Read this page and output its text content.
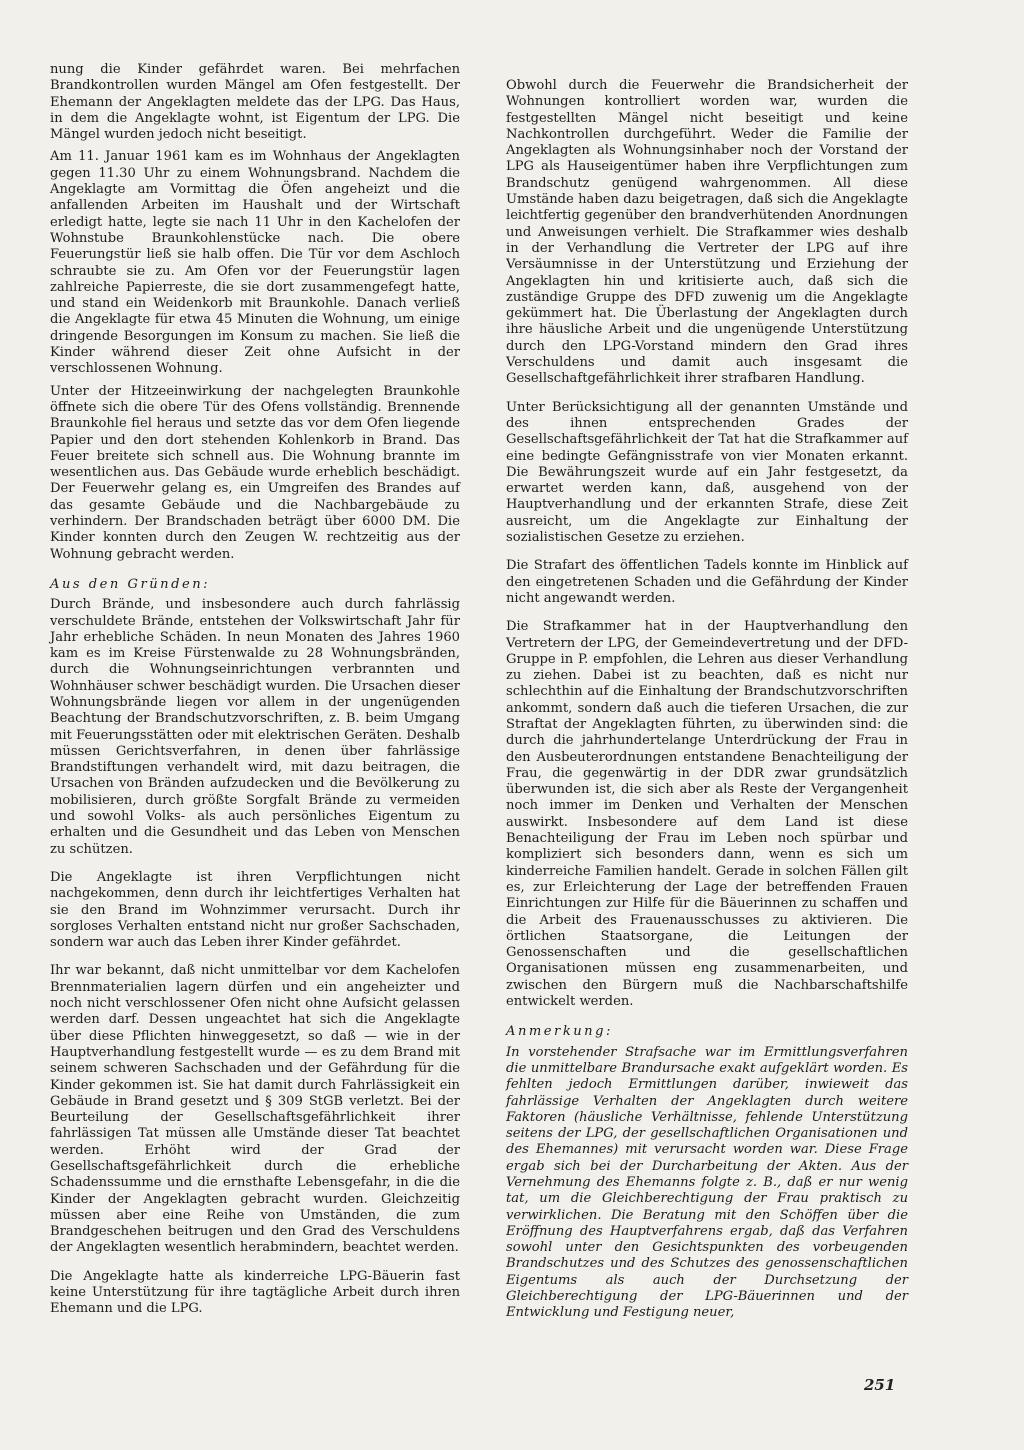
nung die Kinder gefährdet waren. Bei mehrfachen Brandkontrollen wurden Mängel am Ofen festgestellt. Der Ehemann der Angeklagten meldete das der LPG. Das Haus, in dem die Angeklagte wohnt, ist Eigentum der LPG. Die Mängel wurden jedoch nicht beseitigt.

Am 11. Januar 1961 kam es im Wohnhaus der Angeklagten gegen 11.30 Uhr zu einem Wohnungsbrand. Nachdem die Angeklagte am Vormittag die Öfen angeheizt und die anfallenden Arbeiten im Haushalt und der Wirtschaft erledigt hatte, legte sie nach 11 Uhr in den Kachelofen der Wohnstube Braunkohlenstücke nach. Die obere Feuerungstür ließ sie halb offen. Die Tür vor dem Aschloch schraubte sie zu. Am Ofen vor der Feuerungstür lagen zahlreiche Papierreste, die sie dort zusammengefegt hatte, und stand ein Weidenkorb mit Braunkohle. Danach verließ die Angeklagte für etwa 45 Minuten die Wohnung, um einige dringende Besorgungen im Konsum zu machen. Sie ließ die Kinder während dieser Zeit ohne Aufsicht in der verschlossenen Wohnung.

Unter der Hitzeeinwirkung der nachgelegten Braunkohle öffnete sich die obere Tür des Ofens vollständig. Brennende Braunkohle fiel heraus und setzte das vor dem Ofen liegende Papier und den dort stehenden Kohlenkorb in Brand. Das Feuer breitete sich schnell aus. Die Wohnung brannte im wesentlichen aus. Das Gebäude wurde erheblich beschädigt. Der Feuerwehr gelang es, ein Umgreifen des Brandes auf das gesamte Gebäude und die Nachbargebäude zu verhindern. Der Brandschaden beträgt über 6000 DM. Die Kinder konnten durch den Zeugen W. rechtzeitig aus der Wohnung gebracht werden.

Aus den Gründen:

Durch Brände, und insbesondere auch durch fahrlässig verschuldete Brände, entstehen der Volkswirtschaft Jahr für Jahr erhebliche Schäden. In neun Monaten des Jahres 1960 kam es im Kreise Fürstenwalde zu 28 Wohnungsbränden, durch die Wohnungseinrichtungen verbrannten und Wohnhäuser schwer beschädigt wurden. Die Ursachen dieser Wohnungsbrände liegen vor allem in der ungenügenden Beachtung der Brandschutzvorschriften, z. B. beim Umgang mit Feuerungsstätten oder mit elektrischen Geräten. Deshalb müssen Gerichtsverfahren, in denen über fahrlässige Brandstiftungen verhandelt wird, mit dazu beitragen, die Ursachen von Bränden aufzudecken und die Bevölkerung zu mobilisieren, durch größte Sorgfalt Brände zu vermeiden und sowohl Volks- als auch persönliches Eigentum zu erhalten und die Gesundheit und das Leben von Menschen zu schützen.

Die Angeklagte ist ihren Verpflichtungen nicht nachgekommen, denn durch ihr leichtfertiges Verhalten hat sie den Brand im Wohnzimmer verursacht. Durch ihr sorgloses Verhalten entstand nicht nur großer Sachschaden, sondern war auch das Leben ihrer Kinder gefährdet.

Ihr war bekannt, daß nicht unmittelbar vor dem Kachelofen Brennmaterialien lagern dürfen und ein angeheizter und noch nicht verschlossener Ofen nicht ohne Aufsicht gelassen werden darf. Dessen ungeachtet hat sich die Angeklagte über diese Pflichten hinweggesetzt, so daß — wie in der Hauptverhandlung festgestellt wurde — es zu dem Brand mit seinem schweren Sachschaden und der Gefährdung für die Kinder gekommen ist. Sie hat damit durch Fahrlässigkeit ein Gebäude in Brand gesetzt und § 309 StGB verletzt. Bei der Beurteilung der Gesellschaftsgefährlichkeit ihrer fahrlässigen Tat müssen alle Umstände dieser Tat beachtet werden. Erhöht wird der Grad der Gesellschaftsgefährlichkeit durch die erhebliche Schadenssumme und die ernsthafte Lebensgefahr, in die die Kinder der Angeklagten gebracht wurden. Gleichzeitig müssen aber eine Reihe von Umständen, die zum Brandgeschehen beitrugen und den Grad des Verschuldens der Angeklagten wesentlich herabmindern, beachtet werden.

Die Angeklagte hatte als kinderreiche LPG-Bäuerin fast keine Unterstützung für ihre tagtägliche Arbeit durch ihren Ehemann und die LPG.

Obwohl durch die Feuerwehr die Brandsicherheit der Wohnungen kontrolliert worden war, wurden die festgestellten Mängel nicht beseitigt und keine Nachkontrollen durchgeführt. Weder die Familie der Angeklagten als Wohnungsinhaber noch der Vorstand der LPG als Hauseigentümer haben ihre Verpflichtungen zum Brandschutz genügend wahrgenommen. All diese Umstände haben dazu beigetragen, daß sich die Angeklagte leichtfertig gegenüber den brandverhütenden Anordnungen und Anweisungen verhielt. Die Strafkammer wies deshalb in der Verhandlung die Vertreter der LPG auf ihre Versäumnisse in der Unterstützung und Erziehung der Angeklagten hin und kritisierte auch, daß sich die zuständige Gruppe des DFD zuwenig um die Angeklagte gekümmert hat. Die Überlastung der Angeklagten durch ihre häusliche Arbeit und die ungenügende Unterstützung durch den LPG-Vorstand mindern den Grad ihres Verschuldens und damit auch insgesamt die Gesellschaftgefährlichkeit ihrer strafbaren Handlung.

Unter Berücksichtigung all der genannten Umstände und des ihnen entsprechenden Grades der Gesellschaftsgefährlichkeit der Tat hat die Strafkammer auf eine bedingte Gefängnisstrafe von vier Monaten erkannt. Die Bewährungszeit wurde auf ein Jahr festgesetzt, da erwartet werden kann, daß, ausgehend von der Hauptverhandlung und der erkannten Strafe, diese Zeit ausreicht, um die Angeklagte zur Einhaltung der sozialistischen Gesetze zu erziehen.

Die Strafart des öffentlichen Tadels konnte im Hinblick auf den eingetretenen Schaden und die Gefährdung der Kinder nicht angewandt werden.

Die Strafkammer hat in der Hauptverhandlung den Vertretern der LPG, der Gemeindevertretung und der DFD-Gruppe in P. empfohlen, die Lehren aus dieser Verhandlung zu ziehen. Dabei ist zu beachten, daß es nicht nur schlechthin auf die Einhaltung der Brandschutzvorschriften ankommt, sondern daß auch die tieferen Ursachen, die zur Straftat der Angeklagten führten, zu überwinden sind: die durch die jahrhundertelange Unterdrückung der Frau in den Ausbeuterordnungen entstandene Benachteiligung der Frau, die gegenwärtig in der DDR zwar grundsätzlich überwunden ist, die sich aber als Reste der Vergangenheit noch immer im Denken und Verhalten der Menschen auswirkt. Insbesondere auf dem Land ist diese Benachteiligung der Frau im Leben noch spürbar und kompliziert sich besonders dann, wenn es sich um kinderreiche Familien handelt. Gerade in solchen Fällen gilt es, zur Erleichterung der Lage der betreffenden Frauen Einrichtungen zur Hilfe für die Bäuerinnen zu schaffen und die Arbeit des Frauenausschusses zu aktivieren. Die örtlichen Staatsorgane, die Leitungen der Genossenschaften und die gesellschaftlichen Organisationen müssen eng zusammenarbeiten, und zwischen den Bürgern muß die Nachbarschaftshilfe entwickelt werden.

Anmerkung:

In vorstehender Strafsache war im Ermittlungsverfahren die unmittelbare Brandursache exakt aufgeklärt worden. Es fehlten jedoch Ermittlungen darüber, inwieweit das fahrlässige Verhalten der Angeklagten durch weitere Faktoren (häusliche Verhältnisse, fehlende Unterstützung seitens der LPG, der gesellschaftlichen Organisationen und des Ehemannes) mit verursacht worden war. Diese Frage ergab sich bei der Durcharbeitung der Akten. Aus der Vernehmung des Ehemanns folgte z. B., daß er nur wenig tat, um die Gleichberechtigung der Frau praktisch zu verwirklichen. Die Beratung mit den Schöffen über die Eröffnung des Hauptverfahrens ergab, daß das Verfahren sowohl unter den Gesichtspunkten des vorbeugenden Brandschutzes und des Schutzes des genossenschaftlichen Eigentums als auch der Durchsetzung der Gleichberechtigung der LPG-Bäuerinnen und der Entwicklung und Festigung neuer,

251
